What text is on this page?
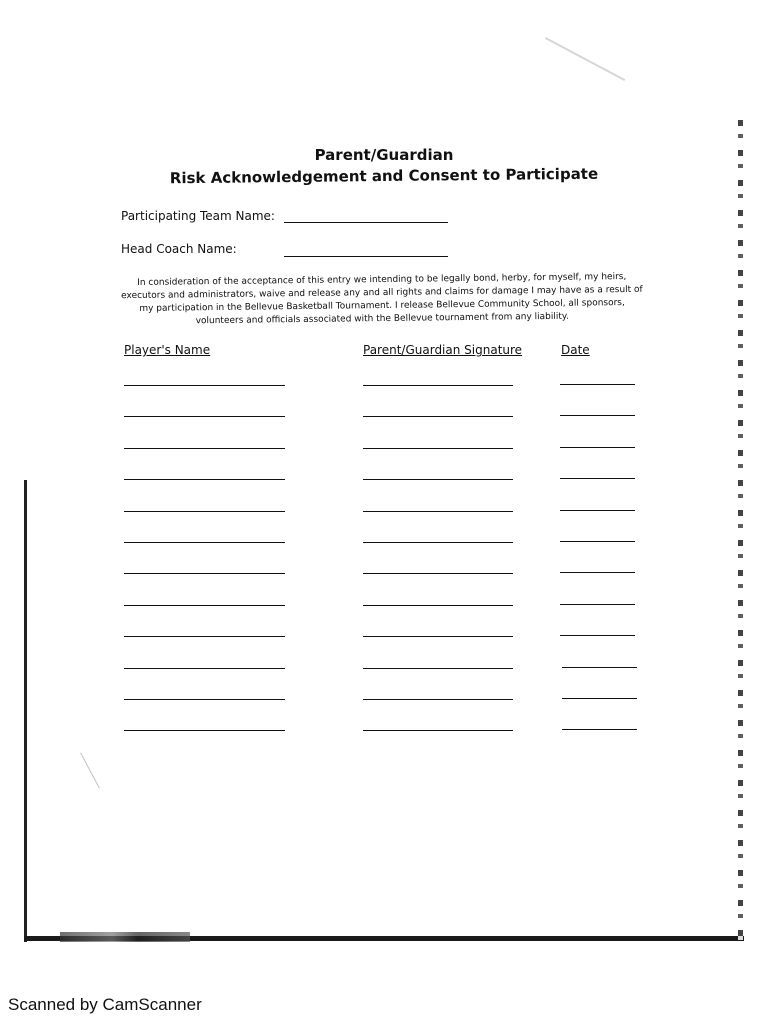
Parent/Guardian
Risk Acknowledgement and Consent to Participate
Participating Team Name:
Head Coach Name:
In consideration of the acceptance of this entry we intending to be legally bond, herby, for myself, my heirs, executors and administrators, waive and release any and all rights and claims for damage I may have as a result of my participation in the Bellevue Basketball Tournament. I release Bellevue Community School, all sponsors, volunteers and officials associated with the Bellevue tournament from any liability.
Player's Name	Parent/Guardian Signature	Date
Scanned by CamScanner
